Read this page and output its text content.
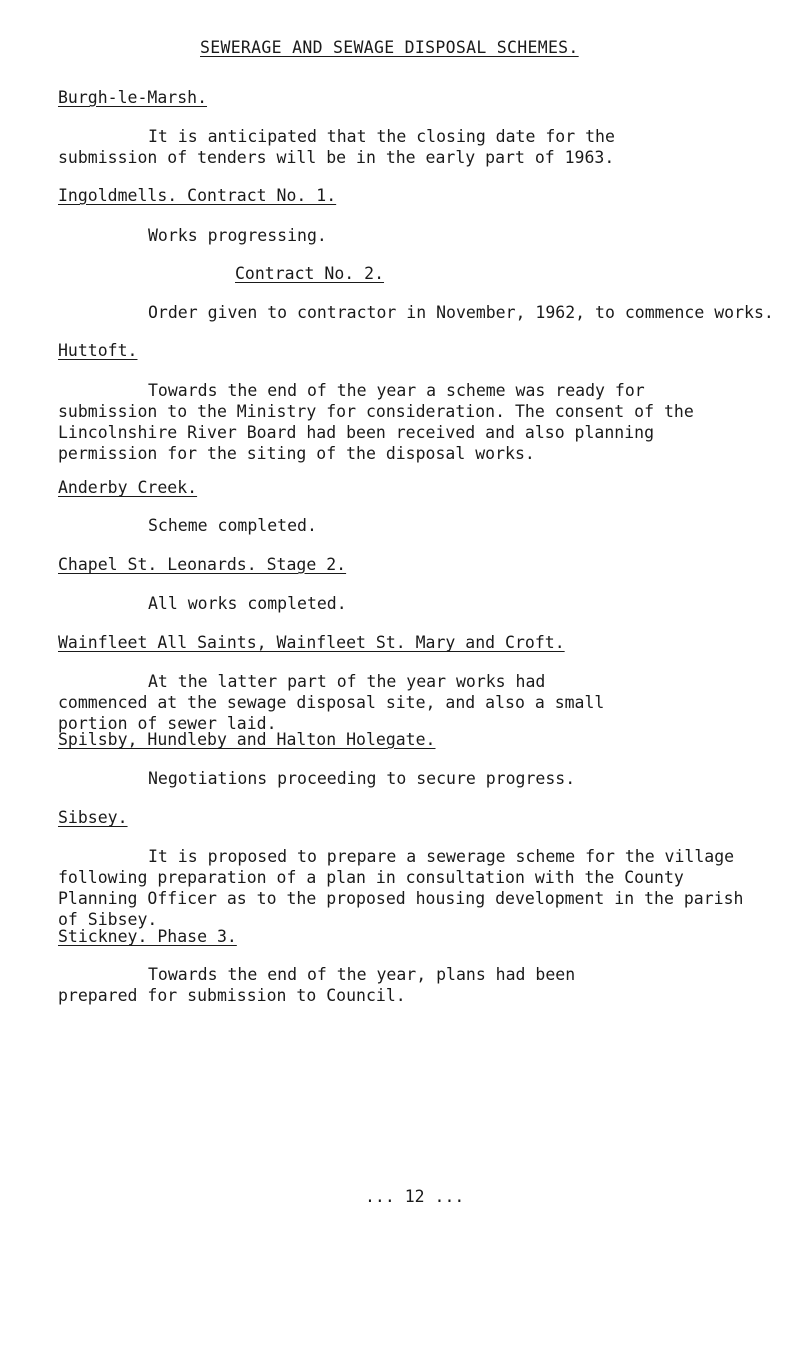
SEWERAGE AND SEWAGE DISPOSAL SCHEMES.
Burgh-le-Marsh.
It is anticipated that the closing date for the submission of tenders will be in the early part of 1963.
Ingoldmells. Contract No. 1.
Works progressing.
Contract No. 2.
Order given to contractor in November, 1962, to commence works.
Huttoft.
Towards the end of the year a scheme was ready for submission to the Ministry for consideration. The consent of the Lincolnshire River Board had been received and also planning permission for the siting of the disposal works.
Anderby Creek.
Scheme completed.
Chapel St. Leonards. Stage 2.
All works completed.
Wainfleet All Saints, Wainfleet St. Mary and Croft.
At the latter part of the year works had commenced at the sewage disposal site, and also a small portion of sewer laid.
Spilsby, Hundleby and Halton Holegate.
Negotiations proceeding to secure progress.
Sibsey.
It is proposed to prepare a sewerage scheme for the village following preparation of a plan in consultation with the County Planning Officer as to the proposed housing development in the parish of Sibsey.
Stickney. Phase 3.
Towards the end of the year, plans had been prepared for submission to Council.
... 12 ...
